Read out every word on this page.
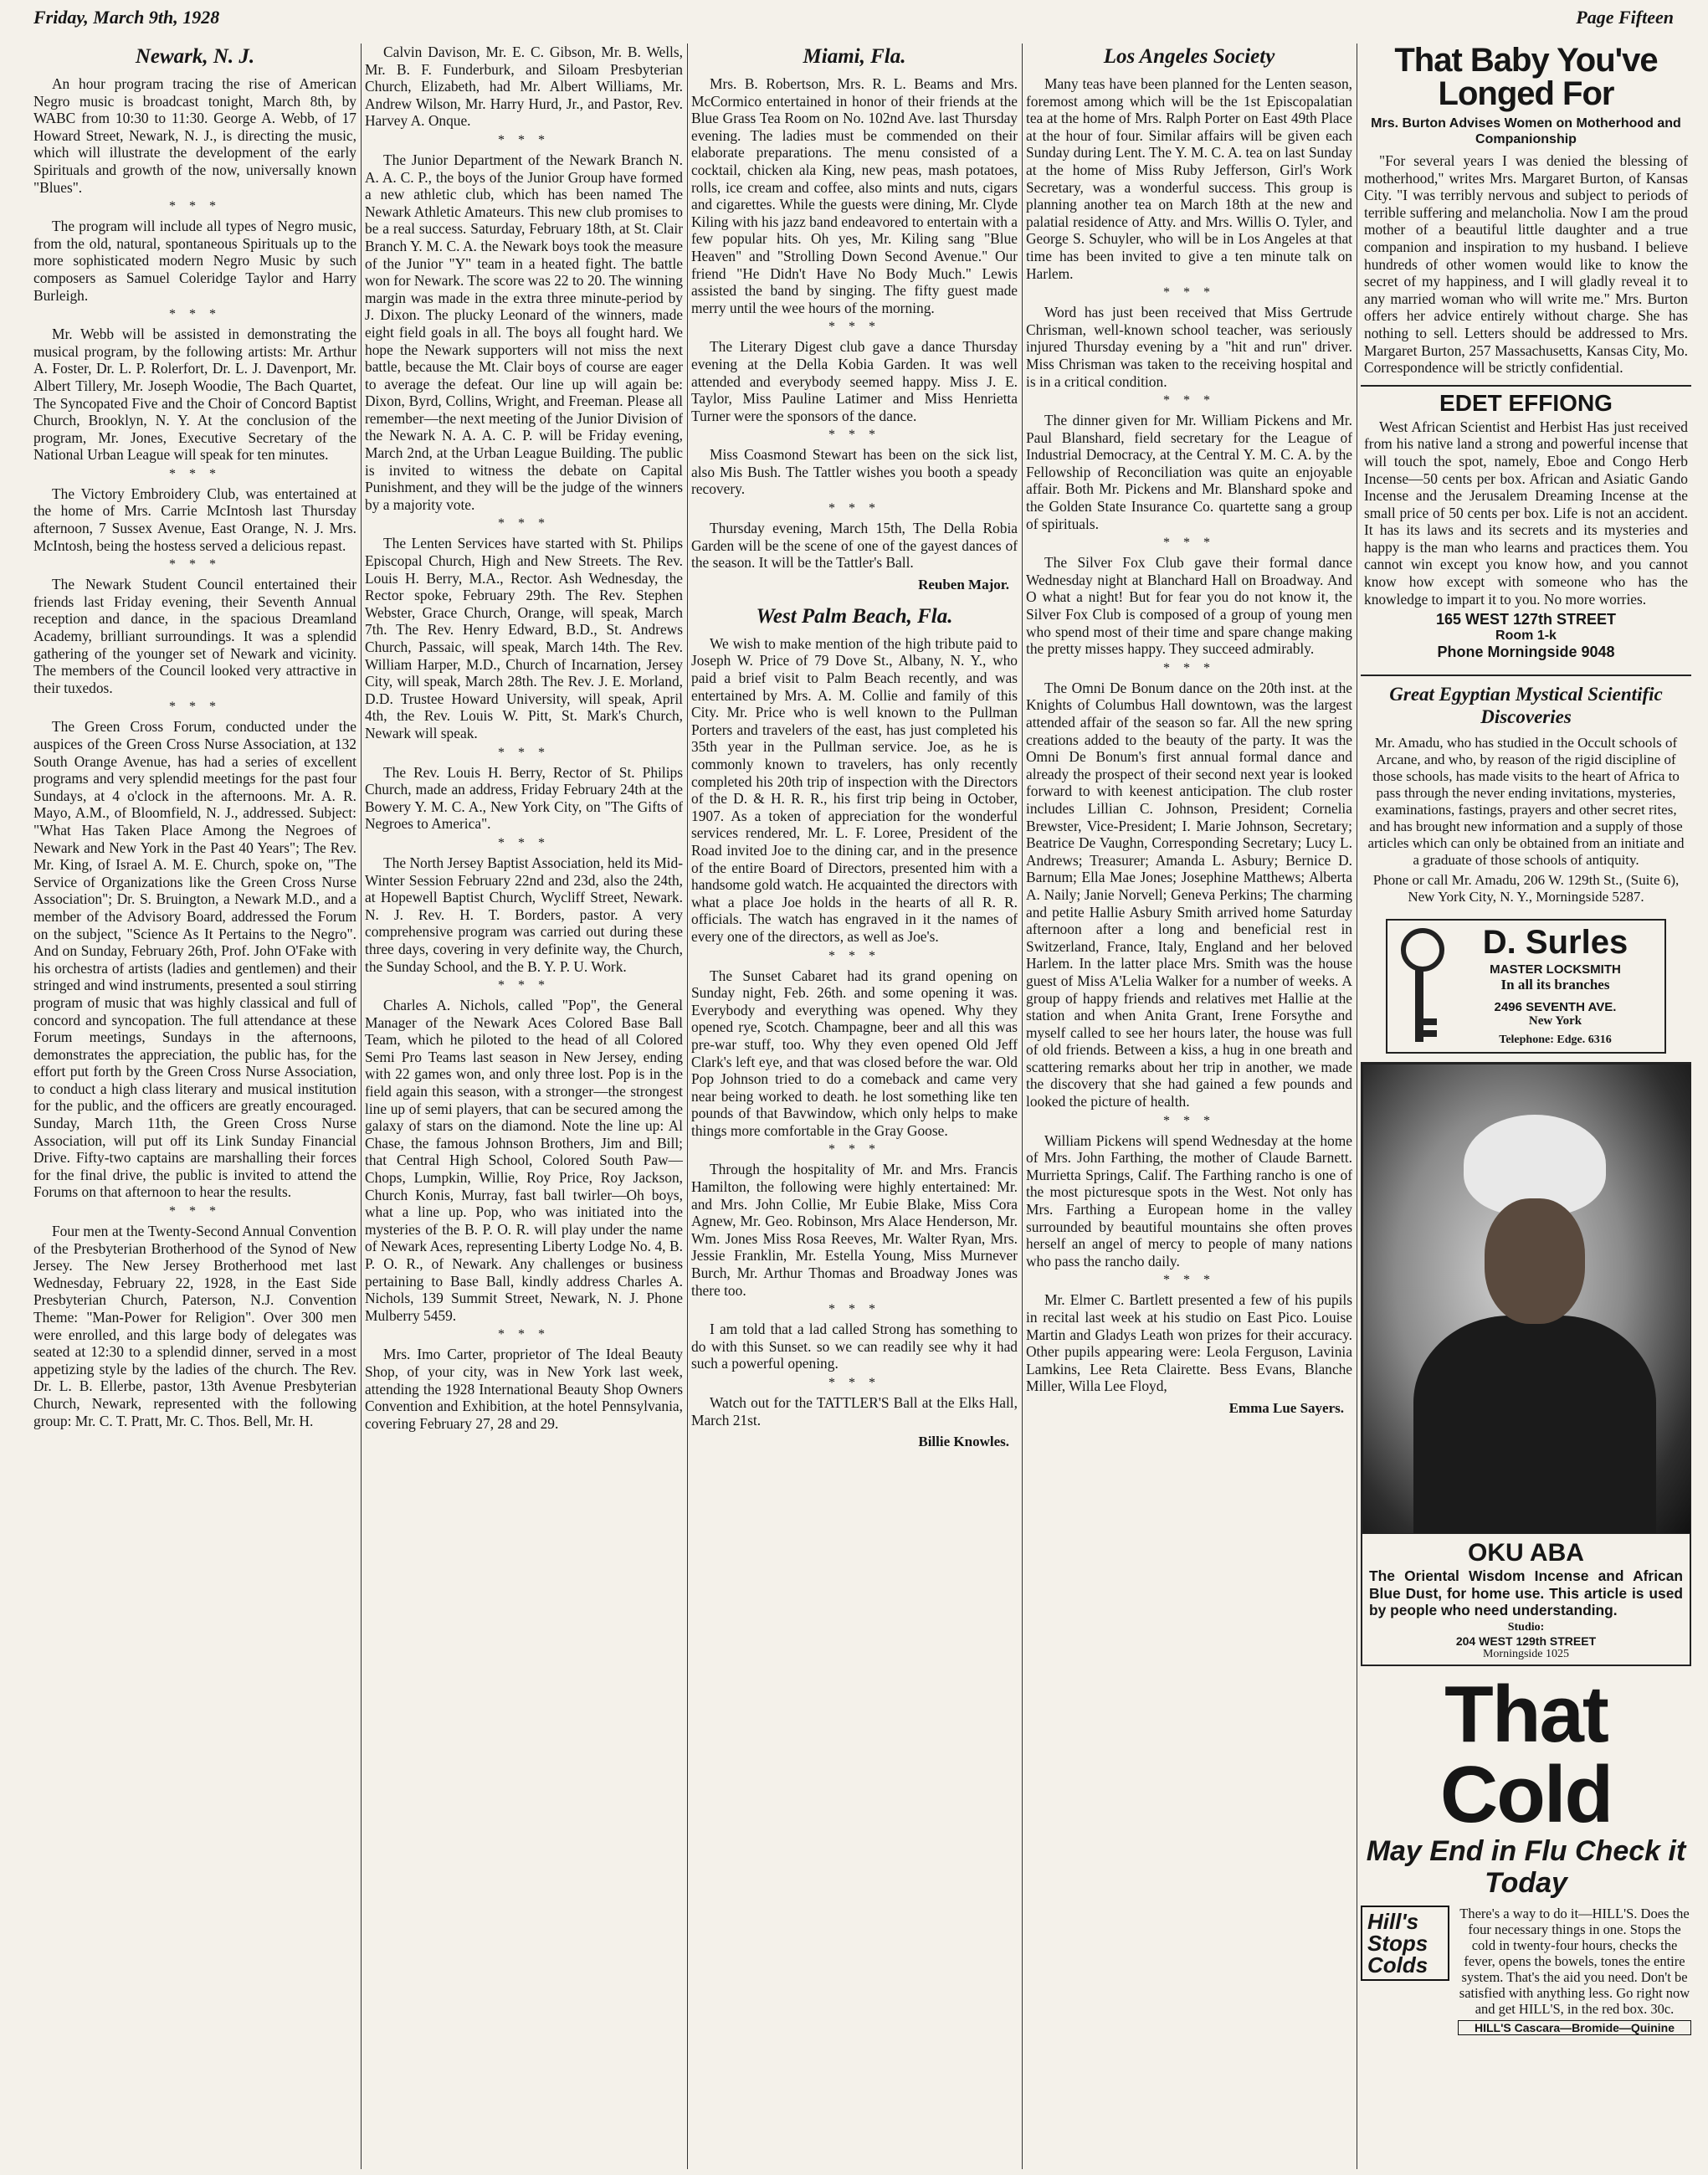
Friday, March 9th, 1928	Page Fifteen
Newark, N. J.

An hour program tracing the rise of American Negro music is broadcast tonight, March 8th, by WABC from 10:30 to 11:30. George A. Webb, of 17 Howard Street, Newark, N. J., is directing the music, which will illustrate the development of the early Spirituals and growth of the now, universally known "Blues".

* * *

The program will include all types of Negro music, from the old, natural, spontaneous Spirituals up to the more sophisticated modern Negro Music by such composers as Samuel Coleridge Taylor and Harry Burleigh.

* * *

Mr. Webb will be assisted in demonstrating the musical program, by the following artists: Mr. Arthur A. Foster, Dr. L. P. Rolerfort, Dr. L. J. Davenport, Mr. Albert Tillery, Mr. Joseph Woodie, The Bach Quartet, The Syncopated Five and the Choir of Concord Baptist Church, Brooklyn, N. Y. At the conclusion of the program, Mr. Jones, Executive Secretary of the National Urban League will speak for ten minutes.

* * *

The Victory Embroidery Club, was entertained at the home of Mrs. Carrie McIntosh last Thursday afternoon, 7 Sussex Avenue, East Orange, N. J. Mrs. McIntosh, being the hostess served a delicious repast.

* * *

The Newark Student Council entertained their friends last Friday evening, their Seventh Annual reception and dance, in the spacious Dreamland Academy, brilliant surroundings. It was a splendid gathering of the younger set of Newark and vicinity. The members of the Council looked very attractive in their tuxedos.

* * *

The Green Cross Forum, conducted under the auspices of the Green Cross Nurse Association, at 132 South Orange Avenue, has had a series of excellent programs and very splendid meetings for the past four Sundays, at 4 o'clock in the afternoons. Mr. A. R. Mayo, A.M., of Bloomfield, N. J., addressed. Subject: "What Has Taken Place Among the Negroes of Newark and New York in the Past 40 Years"; The Rev. Mr. King, of Israel A. M. E. Church, spoke on, "The Service of Organizations like the Green Cross Nurse Association"; Dr. S. Bruington, a Newark M.D., and a member of the Advisory Board, addressed the Forum on the subject, "Science As It Pertains to the Negro". And on Sunday, February 26th, Prof. John O'Fake with his orchestra of artists (ladies and gentlemen) and their stringed and wind instruments, presented a soul stirring program of music that was highly classical and full of concord and syncopation. The full attendance at these Forum meetings, Sundays in the afternoons, demonstrates the appreciation, the public has, for the effort put forth by the Green Cross Nurse Association, to conduct a high class literary and musical institution for the public, and the officers are greatly encouraged. Sunday, March 11th, the Green Cross Nurse Association, will put off its Link Sunday Financial Drive. Fifty-two captains are marshalling their forces for the final drive, the public is invited to attend the Forums on that afternoon to hear the results.

* * *

Four men at the Twenty-Second Annual Convention of the Presbyterian Brotherhood of the Synod of New Jersey. The New Jersey Brotherhood met last Wednesday, February 22, 1928, in the East Side Presbyterian Church, Paterson, N.J. Convention Theme: "Man-Power for Religion". Over 300 men were enrolled, and this large body of delegates was seated at 12:30 to a splendid dinner, served in a most appetizing style by the ladies of the church. The Rev. Dr. L. B. Ellerbe, pastor, 13th Avenue Presbyterian Church, Newark, represented with the following group: Mr. C. T. Pratt, Mr. C. Thos. Bell, Mr. H.

Calvin Davison, Mr. E. C. Gibson, Mr. B. Wells, Mr. B. F. Funderburk, and Siloam Presbyterian Church, Elizabeth, had Mr. Albert Williams, Mr. Andrew Wilson, Mr. Harry Hurd, Jr., and Pastor, Rev. Harvey A. Onque.

* * *

The Junior Department of the Newark Branch N. A. A. C. P., the boys of the Junior Group have formed a new athletic club, which has been named The Newark Athletic Amateurs. This new club promises to be a real success. Saturday, February 18th, at St. Clair Branch Y. M. C. A. the Newark boys took the measure of the Junior "Y" team in a heated fight. The battle won for Newark. The score was 22 to 20. The winning margin was made in the extra three minute-period by J. Dixon. The plucky Leonard of the winners, made eight field goals in all. The boys all fought hard. We hope the Newark supporters will not miss the next battle, because the Mt. Clair boys of course are eager to average the defeat. Our line up will again be: Dixon, Byrd, Collins, Wright, and Freeman. Please all remember—the next meeting of the Junior Division of the Newark N. A. A. C. P. will be Friday evening, March 2nd, at the Urban League Building. The public is invited to witness the debate on Capital Punishment, and they will be the judge of the winners by a majority vote.

* * *

The Lenten Services have started with St. Philips Episcopal Church, High and New Streets. The Rev. Louis H. Berry, M.A., Rector. Ash Wednesday, the Rector spoke, February 29th. The Rev. Stephen Webster, Grace Church, Orange, will speak, March 7th. The Rev. Henry Edward, B.D., St. Andrews Church, Passaic, will speak, March 14th. The Rev. William Harper, M.D., Church of Incarnation, Jersey City, will speak, March 28th. The Rev. J. E. Morland, D.D. Trustee Howard University, will speak, April 4th, the Rev. Louis W. Pitt, St. Mark's Church, Newark will speak.

* * *

The Rev. Louis H. Berry, Rector of St. Philips Church, made an address, Friday February 24th at the Bowery Y. M. C. A., New York City, on "The Gifts of Negroes to America".

* * *

The North Jersey Baptist Association, held its Mid-Winter Session February 22nd and 23d, also the 24th, at Hopewell Baptist Church, Wycliff Street, Newark. N. J. Rev. H. T. Borders, pastor. A very comprehensive program was carried out during these three days, covering in very definite way, the Church, the Sunday School, and the B. Y. P. U. Work.

* * *

Charles A. Nichols, called "Pop", the General Manager of the Newark Aces Colored Base Ball Team, which he piloted to the head of all Colored Semi Pro Teams last season in New Jersey, ending with 22 games won, and only three lost. Pop is in the field again this season, with a stronger—the strongest line up of semi players, that can be secured among the galaxy of stars on the diamond. Note the line up: Al Chase, the famous Johnson Brothers, Jim and Bill; that Central High School, Colored South Paw—Chops, Lumpkin, Willie, Roy Price, Roy Jackson, Church Konis, Murray, fast ball twirler—Oh boys, what a line up. Pop, who was initiated into the mysteries of the B. P. O. R. will play under the name of Newark Aces, representing Liberty Lodge No. 4, B. P. O. R., of Newark. Any challenges or business pertaining to Base Ball, kindly address Charles A. Nichols, 139 Summit Street, Newark, N. J. Phone Mulberry 5459.

* * *

Mrs. Imo Carter, proprietor of The Ideal Beauty Shop, of your city, was in New York last week, attending the 1928 International Beauty Shop Owners Convention and Exhibition, at the hotel Pennsylvania, covering February 27, 28 and 29.

Miami, Fla.

Mrs. B. Robertson, Mrs. R. L. Beams and Mrs. McCormico entertained in honor of their friends at the Blue Grass Tea Room on No. 102nd Ave. last Thursday evening. The ladies must be commended on their elaborate preparations. The menu consisted of a cocktail, chicken ala King, new peas, mash potatoes, rolls, ice cream and coffee, also mints and nuts, cigars and cigarettes. While the guests were dining, Mr. Clyde Kiling with his jazz band endeavored to entertain with a few popular hits. Oh yes, Mr. Kiling sang "Blue Heaven" and "Strolling Down Second Avenue." Our friend "He Didn't Have No Body Much." Lewis assisted the band by singing. The fifty guest made merry until the wee hours of the morning.

* * *

The Literary Digest club gave a dance Thursday evening at the Della Kobia Garden. It was well attended and everybody seemed happy. Miss J. E. Taylor, Miss Pauline Latimer and Miss Henrietta Turner were the sponsors of the dance.

* * *

Miss Coasmond Stewart has been on the sick list, also Mis Bush. The Tattler wishes you booth a speady recovery.

* * *

Thursday evening, March 15th, The Della Robia Garden will be the scene of one of the gayest dances of the season. It will be the Tattler's Ball.

Reuben Major.
West Palm Beach, Fla.

We wish to make mention of the high tribute paid to Joseph W. Price of 79 Dove St., Albany, N. Y., who paid a brief visit to Palm Beach recently, and was entertained by Mrs. A. M. Collie and family of this City. Mr. Price who is well known to the Pullman Porters and travelers of the east, has just completed his 35th year in the Pullman service. Joe, as he is commonly known to travelers, has only recently completed his 20th trip of inspection with the Directors of the D. & H. R. R., his first trip being in October, 1907. As a token of appreciation for the wonderful services rendered, Mr. L. F. Loree, President of the Road invited Joe to the dining car, and in the presence of the entire Board of Directors, presented him with a handsome gold watch. He acquainted the directors with what a place Joe holds in the hearts of all R. R. officials. The watch has engraved in it the names of every one of the directors, as well as Joe's.

* * *

The Sunset Cabaret had its grand opening on Sunday night, Feb. 26th. and some opening it was. Everybody and everything was opened. Why they opened rye, Scotch. Champagne, beer and all this was pre-war stuff, too. Why they even opened Old Jeff Clark's left eye, and that was closed before the war. Old Pop Johnson tried to do a comeback and came very near being worked to death. he lost something like ten pounds of that Bavwindow, which only helps to make things more comfortable in the Gray Goose.

* * *

Through the hospitality of Mr. and Mrs. Francis Hamilton, the following were highly entertained: Mr. and Mrs. John Collie, Mr Eubie Blake, Miss Cora Agnew, Mr. Geo. Robinson, Mrs Alace Henderson, Mr. Wm. Jones Miss Rosa Reeves, Mr. Walter Ryan, Mrs. Jessie Franklin, Mr. Estella Young, Miss Murnever Burch, Mr. Arthur Thomas and Broadway Jones was there too.

* * *

I am told that a lad called Strong has something to do with this Sunset. so we can readily see why it had such a powerful opening.

* * *

Watch out for the TATTLER'S Ball at the Elks Hall, March 21st.

Billie Knowles.
Los Angeles Society

Many teas have been planned for the Lenten season, foremost among which will be the 1st Episcopalatian tea at the home of Mrs. Ralph Porter on East 49th Place at the hour of four. Similar affairs will be given each Sunday during Lent. The Y. M. C. A. tea on last Sunday at the home of Miss Ruby Jefferson, Girl's Work Secretary, was a wonderful success. This group is planning another tea on March 18th at the new and palatial residence of Atty. and Mrs. Willis O. Tyler, and George S. Schuyler, who will be in Los Angeles at that time has been invited to give a ten minute talk on Harlem.

* * *

Word has just been received that Miss Gertrude Chrisman, well-known school teacher, was seriously injured Thursday evening by a "hit and run" driver. Miss Chrisman was taken to the receiving hospital and is in a critical condition.

* * *

The dinner given for Mr. William Pickens and Mr. Paul Blanshard, field secretary for the League of Industrial Democracy, at the Central Y. M. C. A. by the Fellowship of Reconciliation was quite an enjoyable affair. Both Mr. Pickens and Mr. Blanshard spoke and the Golden State Insurance Co. quartette sang a group of spirituals.

* * *

The Silver Fox Club gave their formal dance Wednesday night at Blanchard Hall on Broadway. And O what a night! But for fear you do not know it, the Silver Fox Club is composed of a group of young men who spend most of their time and spare change making the pretty misses happy. They succeed admirably.

* * *

The Omni De Bonum dance on the 20th inst. at the Knights of Columbus Hall downtown, was the largest attended affair of the season so far. All the new spring creations added to the beauty of the party. It was the Omni De Bonum's first annual formal dance and already the prospect of their second next year is looked forward to with keenest anticipation. The club roster includes Lillian C. Johnson, President; Cornelia Brewster, Vice-President; I. Marie Johnson, Secretary; Beatrice De Vaughn, Corresponding Secretary; Lucy L. Andrews; Treasurer; Amanda L. Asbury; Bernice D. Barnum; Ella Mae Jones; Josephine Matthews; Alberta A. Naily; Janie Norvell; Geneva Perkins; The charming and petite Hallie Asbury Smith arrived home Saturday afternoon after a long and beneficial rest in Switzerland, France, Italy, England and her beloved Harlem. In the latter place Mrs. Smith was the house guest of Miss A'Lelia Walker for a number of weeks. A group of happy friends and relatives met Hallie at the station and when Anita Grant, Irene Forsythe and myself called to see her hours later, the house was full of old friends. Between a kiss, a hug in one breath and scattering remarks about her trip in another, we made the discovery that she had gained a few pounds and looked the picture of health.

* * *

William Pickens will spend Wednesday at the home of Mrs. John Farthing, the mother of Claude Barnett. Murrietta Springs, Calif. The Farthing rancho is one of the most picturesque spots in the West. Not only has Mrs. Farthing a European home in the valley surrounded by beautiful mountains she often proves herself an angel of mercy to people of many nations who pass the rancho daily.

* * *

Mr. Elmer C. Bartlett presented a few of his pupils in recital last week at his studio on East Pico. Louise Martin and Gladys Leath won prizes for their accuracy. Other pupils appearing were: Leola Ferguson, Lavinia Lamkins, Lee Reta Clairette. Bess Evans, Blanche Miller, Willa Lee Floyd,

Emma Lue Sayers.
That Baby You've Longed For
Mrs. Burton Advises Women on Motherhood and Companionship

"For several years I was denied the blessing of motherhood," writes Mrs. Margaret Burton, of Kansas City. "I was terribly nervous and subject to periods of terrible suffering and melancholia. Now I am the proud mother of a beautiful little daughter and a true companion and inspiration to my husband. I believe hundreds of other women would like to know the secret of my happiness, and I will gladly reveal it to any married woman who will write me." Mrs. Burton offers her advice entirely without charge. She has nothing to sell. Letters should be addressed to Mrs. Margaret Burton, 257 Massachusetts, Kansas City, Mo. Correspondence will be strictly confidential.

EDET EFFIONG

West African Scientist and Herbist Has just received from his native land a strong and powerful incense that will touch the spot, namely, Eboe and Congo Herb Incense—50 cents per box. African and Asiatic Gando Incense and the Jerusalem Dreaming Incense at the small price of 50 cents per box. Life is not an accident. It has its laws and its secrets and its mysteries and happy is the man who learns and practices them. You cannot win except you know how, and you cannot know how except with someone who has the knowledge to impart it to you. No more worries.

165 WEST 127th STREET
Room 1-k
Phone Morningside 9048
Great Egyptian Mystical Scientific Discoveries

Mr. Amadu, who has studied in the Occult schools of Arcane, and who, by reason of the rigid discipline of those schools, has made visits to the heart of Africa to pass through the never ending invitations, mysteries, examinations, fastings, prayers and other secret rites, and has brought new information and a supply of those articles which can only be obtained from an initiate and a graduate of those schools of antiquity.

Phone or call Mr. Amadu, 206 W. 129th St., (Suite 6), New York City, N. Y., Morningside 5287.

D. Surles
MASTER LOCKSMITH
In all its branches
2496 SEVENTH AVE.
New York
Telephone: Edge. 6316
OKU ABA

The Oriental Wisdom Incense and African Blue Dust, for home use. This article is used by people who need understanding.

Studio:
204 WEST 129th STREET
Morningside 1025
That Cold
May End in Flu Check it Today
Hill's Stops Colds
There's a way to do it—HILL'S. Does the four necessary things in one. Stops the cold in twenty-four hours, checks the fever, opens the bowels, tones the entire system. That's the aid you need. Don't be satisfied with anything less. Go right now and get HILL'S, in the red box. 30c.
HILL'S Cascara—Bromide—Quinine
